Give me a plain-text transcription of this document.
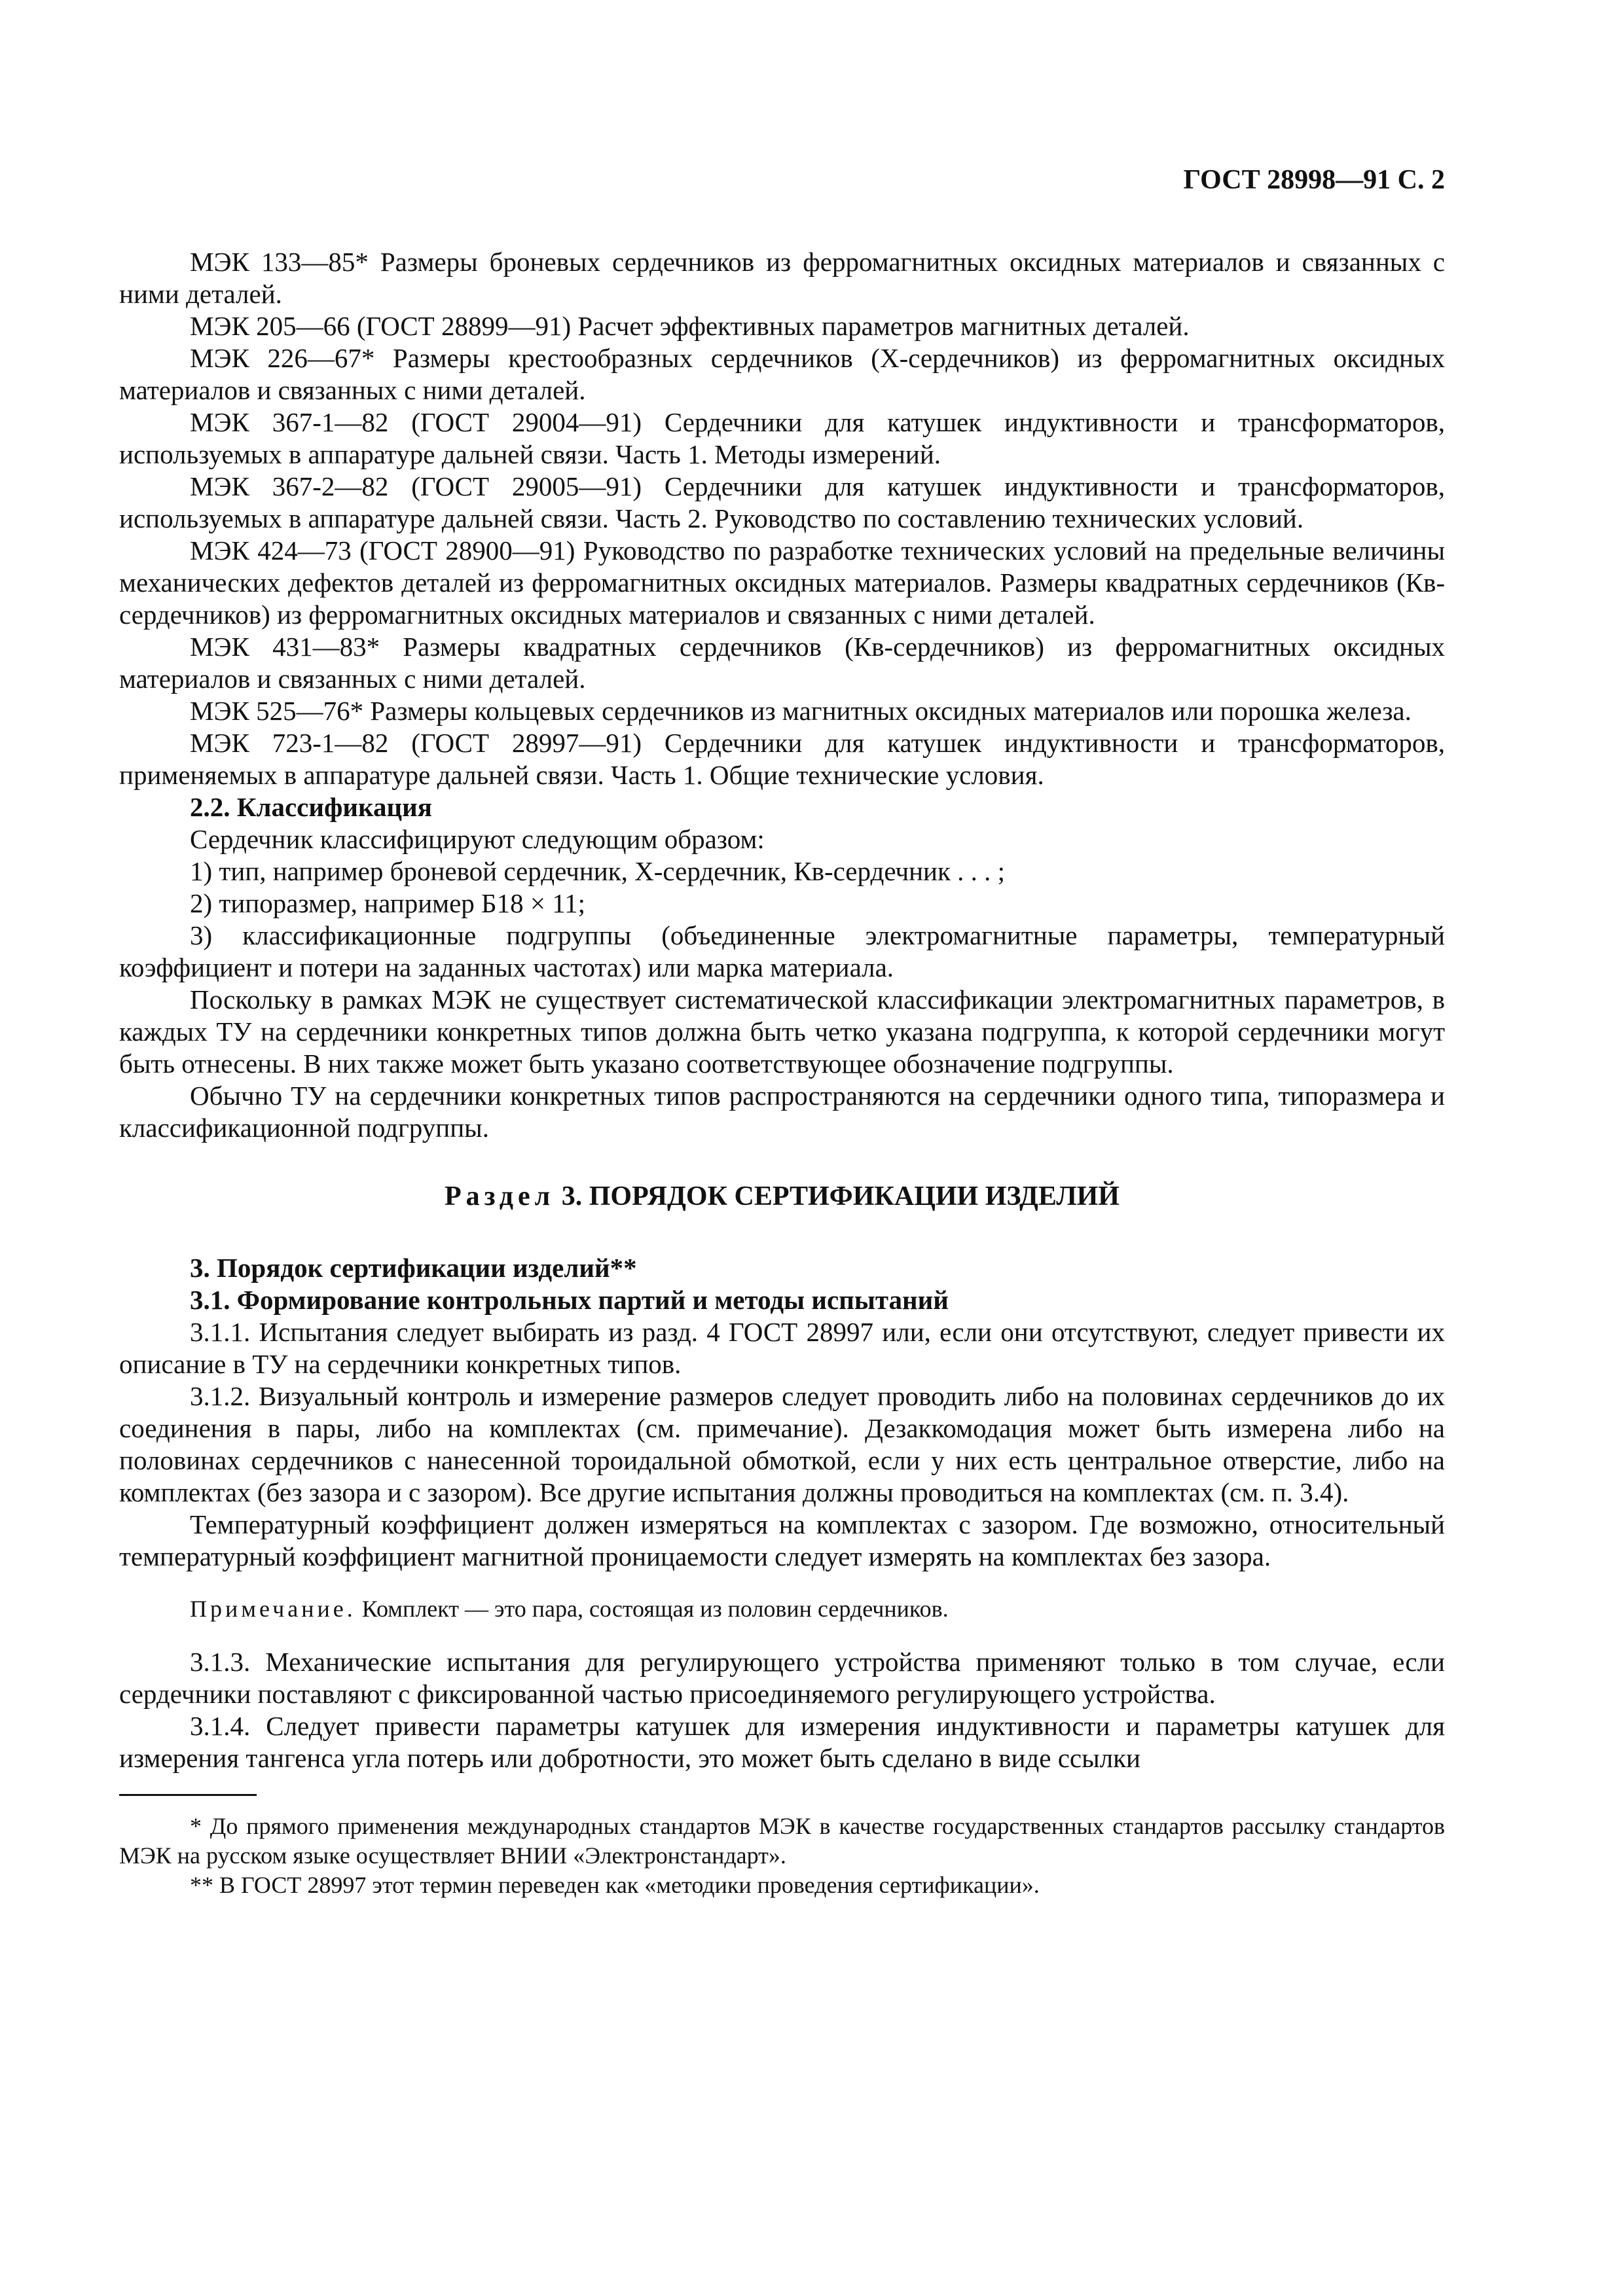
ГОСТ 28998—91 С. 2

МЭК 133—85* Размеры броневых сердечников из ферромагнитных оксидных материалов и связанных с ними деталей.

МЭК 205—66 (ГОСТ 28899—91) Расчет эффективных параметров магнитных деталей.

МЭК 226—67* Размеры крестообразных сердечников (Х-сердечников) из ферромагнитных оксидных материалов и связанных с ними деталей.

МЭК 367-1—82 (ГОСТ 29004—91) Сердечники для катушек индуктивности и трансформаторов, используемых в аппаратуре дальней связи. Часть 1. Методы измерений.

МЭК 367-2—82 (ГОСТ 29005—91) Сердечники для катушек индуктивности и трансформаторов, используемых в аппаратуре дальней связи. Часть 2. Руководство по составлению технических условий.

МЭК 424—73 (ГОСТ 28900—91) Руководство по разработке технических условий на предельные величины механических дефектов деталей из ферромагнитных оксидных материалов. Размеры квадратных сердечников (Кв-сердечников) из ферромагнитных оксидных материалов и связанных с ними деталей.

МЭК 431—83* Размеры квадратных сердечников (Кв-сердечников) из ферромагнитных оксидных материалов и связанных с ними деталей.

МЭК 525—76* Размеры кольцевых сердечников из магнитных оксидных материалов или порошка железа.

МЭК 723-1—82 (ГОСТ 28997—91) Сердечники для катушек индуктивности и трансформаторов, применяемых в аппаратуре дальней связи. Часть 1. Общие технические условия.

2.2. Классификация

Сердечник классифицируют следующим образом:

1) тип, например броневой сердечник, Х-сердечник, Кв-сердечник . . . ;

2) типоразмер, например Б18 × 11;

3) классификационные подгруппы (объединенные электромагнитные параметры, температурный коэффициент и потери на заданных частотах) или марка материала.

Поскольку в рамках МЭК не существует систематической классификации электромагнитных параметров, в каждых ТУ на сердечники конкретных типов должна быть четко указана подгруппа, к которой сердечники могут быть отнесены. В них также может быть указано соответствующее обозначение подгруппы.

Обычно ТУ на сердечники конкретных типов распространяются на сердечники одного типа, типоразмера и классификационной подгруппы.

Раздел 3. ПОРЯДОК СЕРТИФИКАЦИИ ИЗДЕЛИЙ

3. Порядок сертификации изделий**

3.1. Формирование контрольных партий и методы испытаний

3.1.1. Испытания следует выбирать из разд. 4 ГОСТ 28997 или, если они отсутствуют, следует привести их описание в ТУ на сердечники конкретных типов.

3.1.2. Визуальный контроль и измерение размеров следует проводить либо на половинах сердечников до их соединения в пары, либо на комплектах (см. примечание). Дезаккомодация может быть измерена либо на половинах сердечников с нанесенной тороидальной обмоткой, если у них есть центральное отверстие, либо на комплектах (без зазора и с зазором). Все другие испытания должны проводиться на комплектах (см. п. 3.4).

Температурный коэффициент должен измеряться на комплектах с зазором. Где возможно, относительный температурный коэффициент магнитной проницаемости следует измерять на комплектах без зазора.

Примечание. Комплект — это пара, состоящая из половин сердечников.

3.1.3. Механические испытания для регулирующего устройства применяют только в том случае, если сердечники поставляют с фиксированной частью присоединяемого регулирующего устройства.

3.1.4. Следует привести параметры катушек для измерения индуктивности и параметры катушек для измерения тангенса угла потерь или добротности, это может быть сделано в виде ссылки

* До прямого применения международных стандартов МЭК в качестве государственных стандартов рассылку стандартов МЭК на русском языке осуществляет ВНИИ «Электронстандарт».

** В ГОСТ 28997 этот термин переведен как «методики проведения сертификации».
